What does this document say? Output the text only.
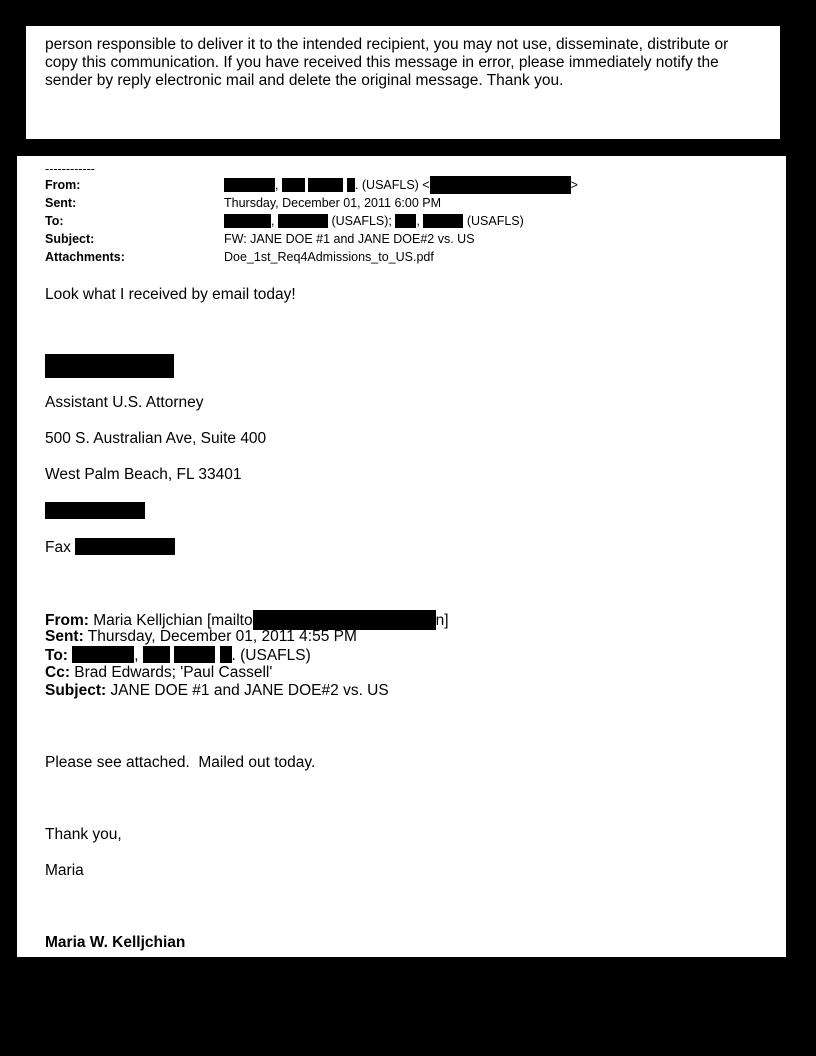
person responsible to deliver it to the intended recipient, you may not use, disseminate, distribute or copy this communication. If you have received this message in error, please immediately notify the sender by reply electronic mail and delete the original message. Thank you.
------------
From:	,	. (USAFLS) <	>
Sent:	Thursday, December 01, 2011 6:00 PM
To:	,	(USAFLS); ,	(USAFLS)
Subject:	FW: JANE DOE #1 and JANE DOE#2 vs. US
Attachments:	Doe_1st_Req4Admissions_to_US.pdf
Look what I received by email today!
Assistant U.S. Attorney
500 S. Australian Ave, Suite 400
West Palm Beach, FL 33401
Fax
From: Maria Kelljchian [mailto	n]
Sent: Thursday, December 01, 2011 4:55 PM
To:	,	. (USAFLS)
Cc: Brad Edwards; 'Paul Cassell'
Subject: JANE DOE #1 and JANE DOE#2 vs. US
Please see attached.  Mailed out today.
Thank you,
Maria
Maria W. Kelljchian
